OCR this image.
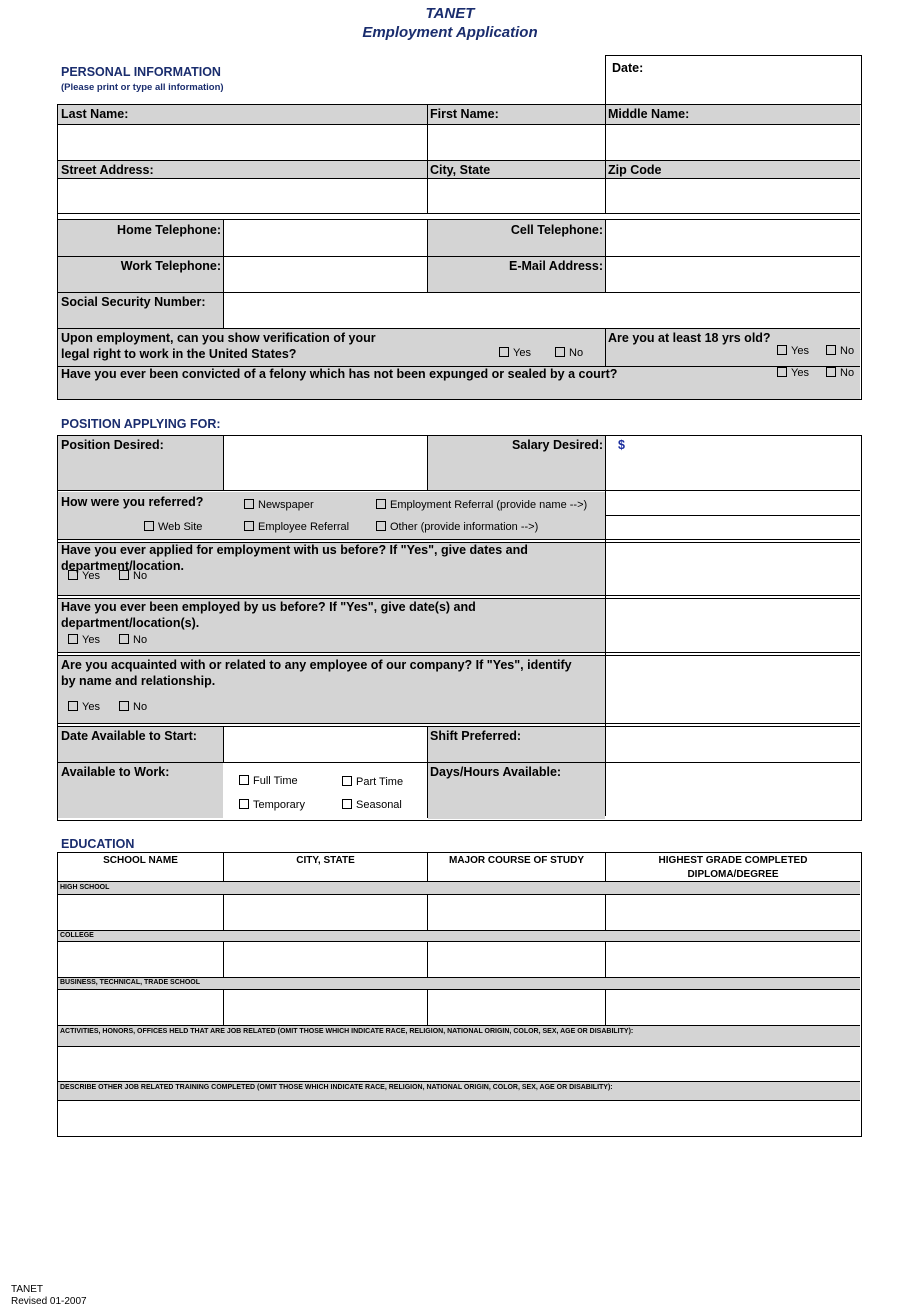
TANET
Employment Application
PERSONAL INFORMATION
(Please print or type all information)
Date:
Last Name:	First Name:	Middle Name:
Street Address:	City, State	Zip Code
Home Telephone:	Cell Telephone:
Work Telephone:	E-Mail Address:
Social Security Number:
Upon employment, can you show verification of your
legal right to work in the United States?	Yes	No
Are you at least 18 yrs old?
Yes	No
Have you ever been convicted of a felony which has not been expunged or sealed by a court?	Yes	No
POSITION APPLYING FOR:
Position Desired:	Salary Desired: $
How were you referred?	Newspaper	Employment Referral (provide name -->)
Web Site	Employee Referral	Other (provide information -->)
Have you ever applied for employment with us before? If "Yes", give dates and
department/location.
Yes	No
Have you ever been employed by us before? If "Yes", give date(s) and
department/location(s).
Yes	No
Are you acquainted with or related to any employee of our company? If "Yes", identify
by name and relationship.
Yes	No
Date Available to Start:	Shift Preferred:
Available to Work:
Full Time	Part Time
Temporary	Seasonal
Days/Hours Available:
EDUCATION
SCHOOL NAME	CITY, STATE	MAJOR COURSE OF STUDY	HIGHEST GRADE COMPLETED
DIPLOMA/DEGREE
HIGH SCHOOL
COLLEGE
BUSINESS, TECHNICAL, TRADE SCHOOL
ACTIVITIES, HONORS, OFFICES HELD THAT ARE JOB RELATED (OMIT THOSE WHICH INDICATE RACE, RELIGION, NATIONAL ORIGIN, COLOR, SEX, AGE OR DISABILITY):
DESCRIBE OTHER JOB RELATED TRAINING COMPLETED (OMIT THOSE WHICH INDICATE RACE, RELIGION, NATIONAL ORIGIN, COLOR, SEX, AGE OR DISABILITY):
TANET
Revised 01-2007
